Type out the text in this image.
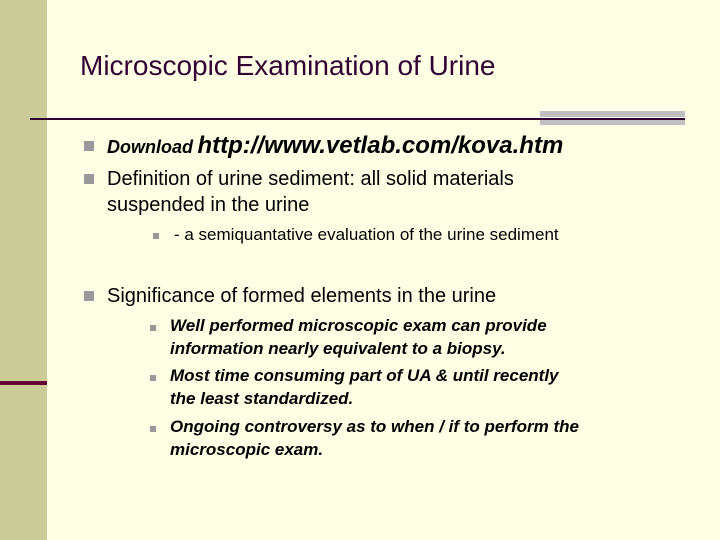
Microscopic Examination of Urine
Download http://www.vetlab.com/kova.htm
Definition of urine sediment: all solid materials
suspended in the urine
- a semiquantative evaluation of the urine sediment
Significance of formed elements in the urine
Well performed microscopic exam can provide
information nearly equivalent to a biopsy.
Most time consuming part of UA & until recently
the least standardized.
Ongoing controversy as to when / if to perform the
microscopic exam.
